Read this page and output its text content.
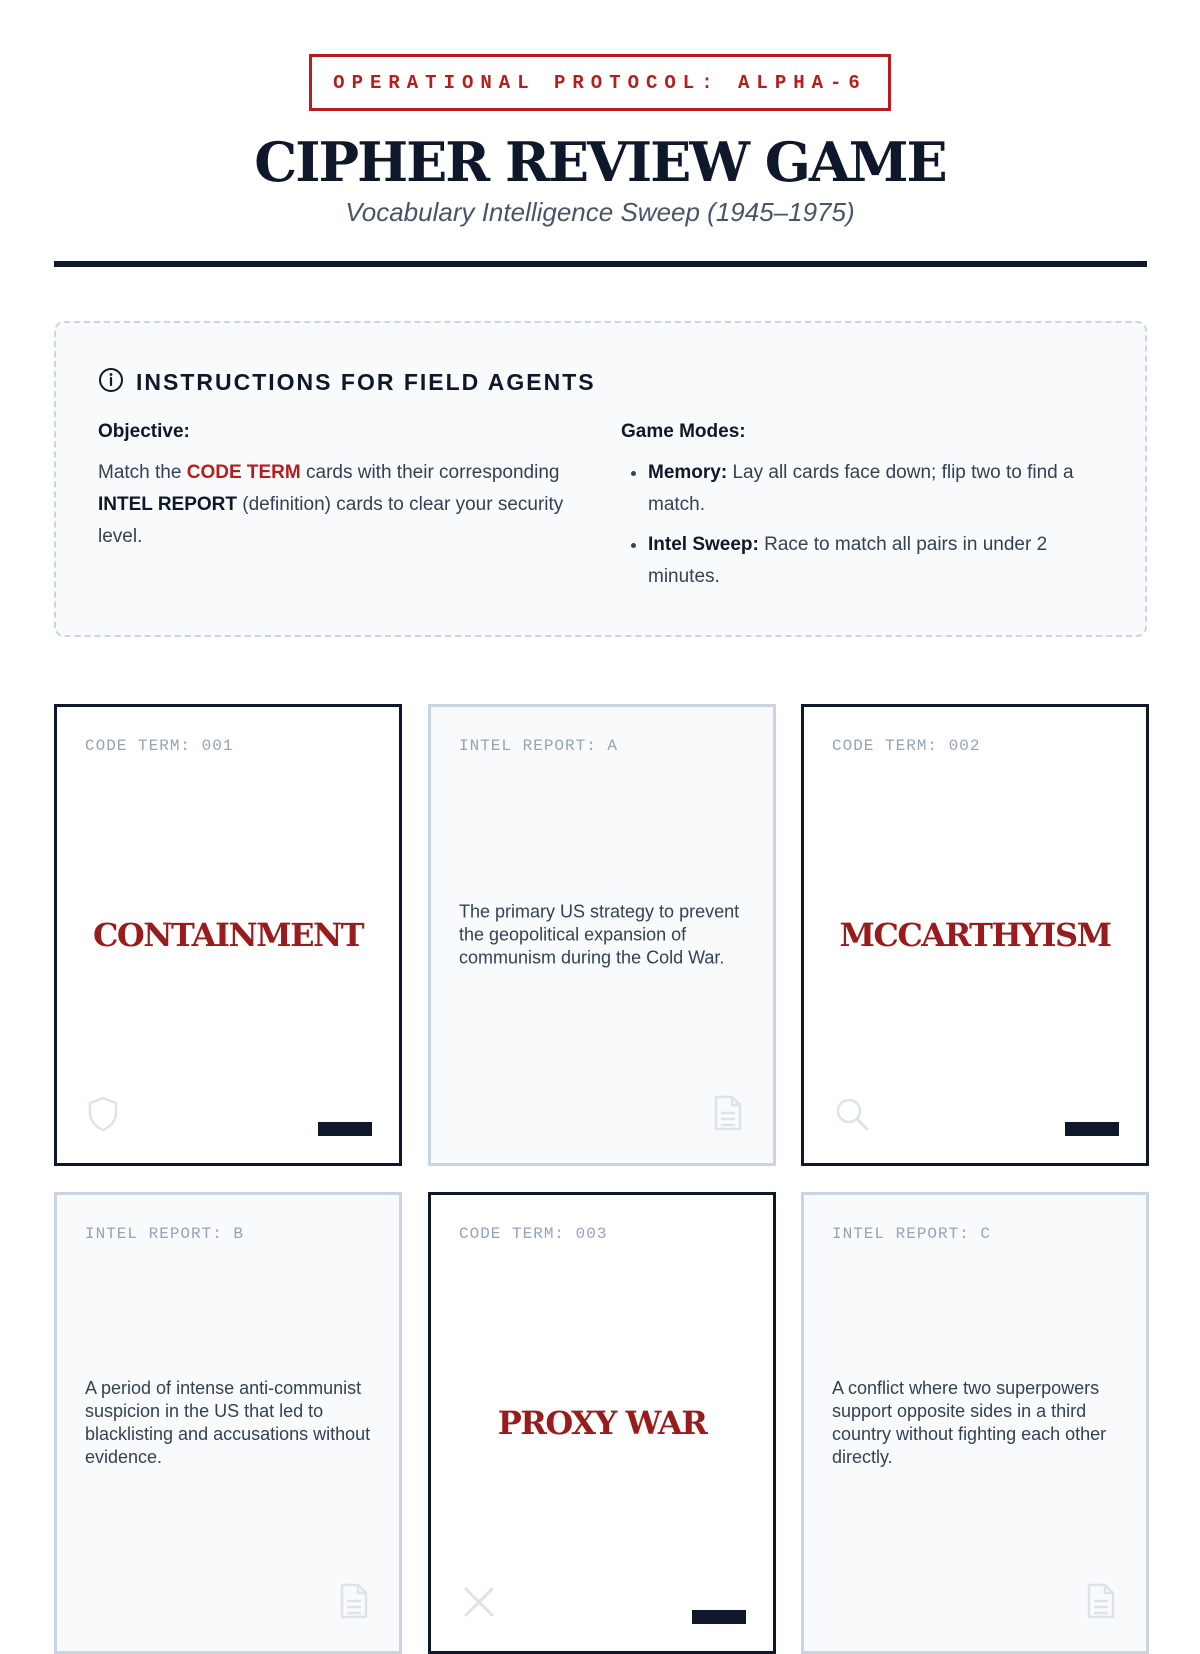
OPERATIONAL PROTOCOL: ALPHA-6
CIPHER REVIEW GAME
Vocabulary Intelligence Sweep (1945–1975)
INSTRUCTIONS FOR FIELD AGENTS
Objective:
Match the CODE TERM cards with their corresponding INTEL REPORT (definition) cards to clear your security level.
Game Modes:
• Memory: Lay all cards face down; flip two to find a match.
• Intel Sweep: Race to match all pairs in under 2 minutes.
CODE TERM: 001
CONTAINMENT
INTEL REPORT: A
The primary US strategy to prevent the geopolitical expansion of communism during the Cold War.
CODE TERM: 002
MCCARTHYISM
INTEL REPORT: B
A period of intense anti-communist suspicion in the US that led to blacklisting and accusations without evidence.
CODE TERM: 003
PROXY WAR
INTEL REPORT: C
A conflict where two superpowers support opposite sides in a third country without fighting each other directly.
